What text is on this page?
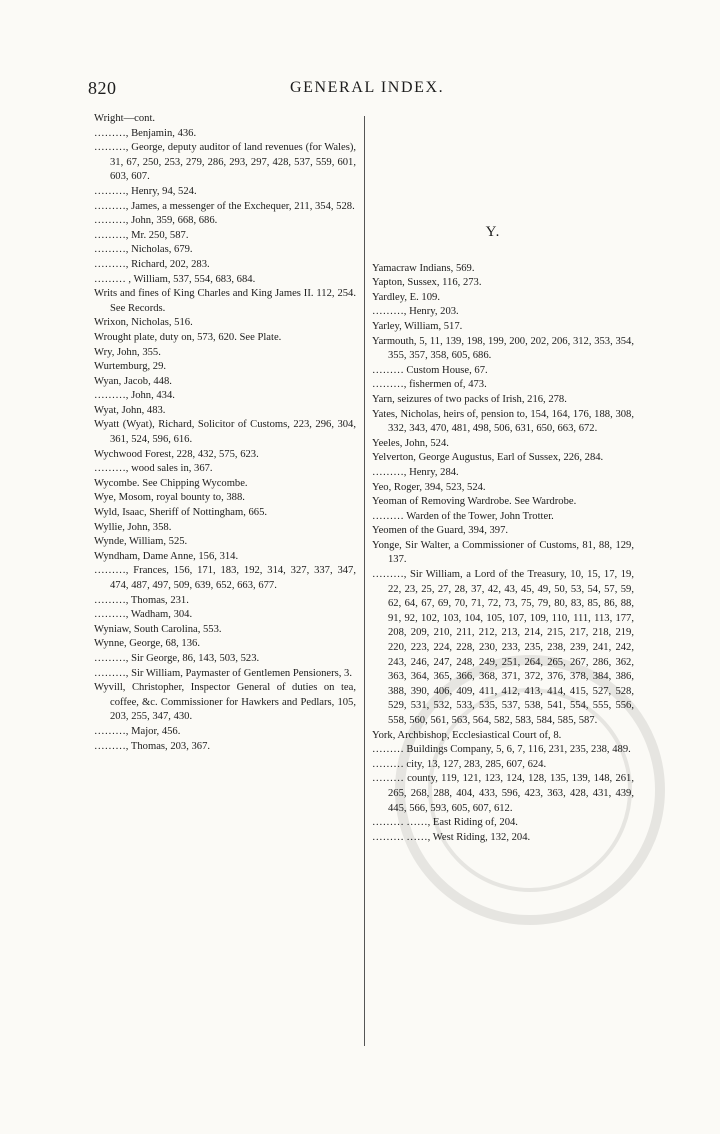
820	GENERAL INDEX.
Wright—cont.
………, Benjamin, 436.
………, George, deputy auditor of land revenues (for Wales), 31, 67, 250, 253, 279, 286, 293, 297, 428, 537, 559, 601, 603, 607.
………, Henry, 94, 524.
………, James, a messenger of the Exchequer, 211, 354, 528.
………, John, 359, 668, 686.
………, Mr. 250, 587.
………, Nicholas, 679.
………, Richard, 202, 283.
……… , William, 537, 554, 683, 684.
Writs and fines of King Charles and King James II. 112, 254. See Records.
Wrixon, Nicholas, 516.
Wrought plate, duty on, 573, 620. See Plate.
Wry, John, 355.
Wurtemburg, 29.
Wyan, Jacob, 448.
………, John, 434.
Wyat, John, 483.
Wyatt (Wyat), Richard, Solicitor of Customs, 223, 296, 304, 361, 524, 596, 616.
Wychwood Forest, 228, 432, 575, 623.
………, wood sales in, 367.
Wycombe. See Chipping Wycombe.
Wye, Mosom, royal bounty to, 388.
Wyld, Isaac, Sheriff of Nottingham, 665.
Wyllie, John, 358.
Wynde, William, 525.
Wyndham, Dame Anne, 156, 314.
………, Frances, 156, 171, 183, 192, 314, 327, 337, 347, 474, 487, 497, 509, 639, 652, 663, 677.
………, Thomas, 231.
………, Wadham, 304.
Wyniaw, South Carolina, 553.
Wynne, George, 68, 136.
………, Sir George, 86, 143, 503, 523.
………, Sir William, Paymaster of Gentlemen Pensioners, 3.
Wyvill, Christopher, Inspector General of duties on tea, coffee, &c. Commissioner for Hawkers and Pedlars, 105, 203, 255, 347, 430.
………, Major, 456.
………, Thomas, 203, 367.
Y.
Yamacraw Indians, 569.
Yapton, Sussex, 116, 273.
Yardley, E. 109.
………, Henry, 203.
Yarley, William, 517.
Yarmouth, 5, 11, 139, 198, 199, 200, 202, 206, 312, 353, 354, 355, 357, 358, 605, 686.
……… Custom House, 67.
………, fishermen of, 473.
Yarn, seizures of two packs of Irish, 216, 278.
Yates, Nicholas, heirs of, pension to, 154, 164, 176, 188, 308, 332, 343, 470, 481, 498, 506, 631, 650, 663, 672.
Yeeles, John, 524.
Yelverton, George Augustus, Earl of Sussex, 226, 284.
………, Henry, 284.
Yeo, Roger, 394, 523, 524.
Yeoman of Removing Wardrobe. See Wardrobe.
……… Warden of the Tower, John Trotter.
Yeomen of the Guard, 394, 397.
Yonge, Sir Walter, a Commissioner of Customs, 81, 88, 129, 137.
………, Sir William, a Lord of the Treasury, 10, 15, 17, 19, 22, 23, 25, 27, 28, 37, 42, 43, 45, 49, 50, 53, 54, 57, 59, 62, 64, 67, 69, 70, 71, 72, 73, 75, 79, 80, 83, 85, 86, 88, 91, 92, 102, 103, 104, 105, 107, 109, 110, 111, 113, 177, 208, 209, 210, 211, 212, 213, 214, 215, 217, 218, 219, 220, 223, 224, 228, 230, 233, 235, 238, 239, 241, 242, 243, 246, 247, 248, 249, 251, 264, 265, 267, 286, 362, 363, 364, 365, 366, 368, 371, 372, 376, 378, 384, 386, 388, 390, 406, 409, 411, 412, 413, 414, 415, 527, 528, 529, 531, 532, 533, 535, 537, 538, 541, 554, 555, 556, 558, 560, 561, 563, 564, 582, 583, 584, 585, 587.
York, Archbishop, Ecclesiastical Court of, 8.
……… Buildings Company, 5, 6, 7, 116, 231, 235, 238, 489.
……… city, 13, 127, 283, 285, 607, 624.
……… county, 119, 121, 123, 124, 128, 135, 139, 148, 261, 265, 268, 288, 404, 433, 596, 423, 363, 428, 431, 439, 445, 566, 593, 605, 607, 612.
……… ……, East Riding of, 204.
……… ……, West Riding, 132, 204.
